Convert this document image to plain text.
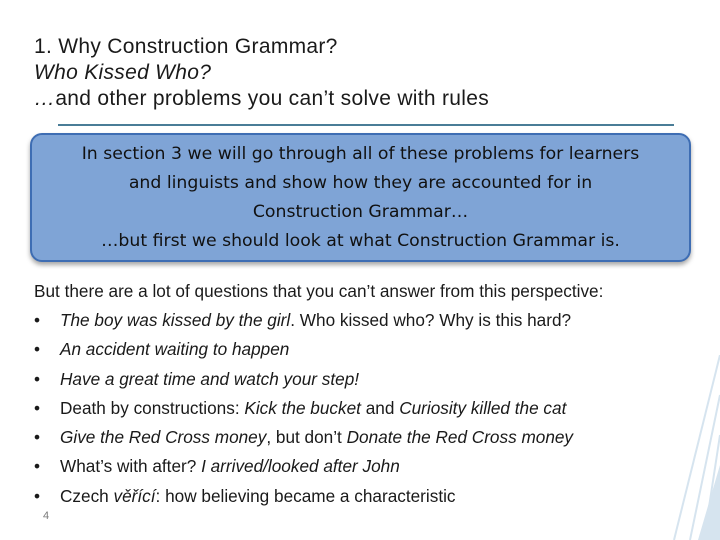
1. Why Construction Grammar?
Who Kissed Who?
…and other problems you can’t solve with rules
In section 3 we will go through all of these problems for learners
and linguists and show how they are accounted for in
Construction Grammar…
…but first we should look at what Construction Grammar is.
But there are a lot of questions that you can’t answer from this perspective:
• The boy was kissed by the girl. Who kissed who? Why is this hard?
• An accident waiting to happen
• Have a great time and watch your step!
• Death by constructions: Kick the bucket and Curiosity killed the cat
• Give the Red Cross money, but don’t Donate the Red Cross money
• What’s with after? I arrived/looked after John
• Czech věřící: how believing became a characteristic
4
